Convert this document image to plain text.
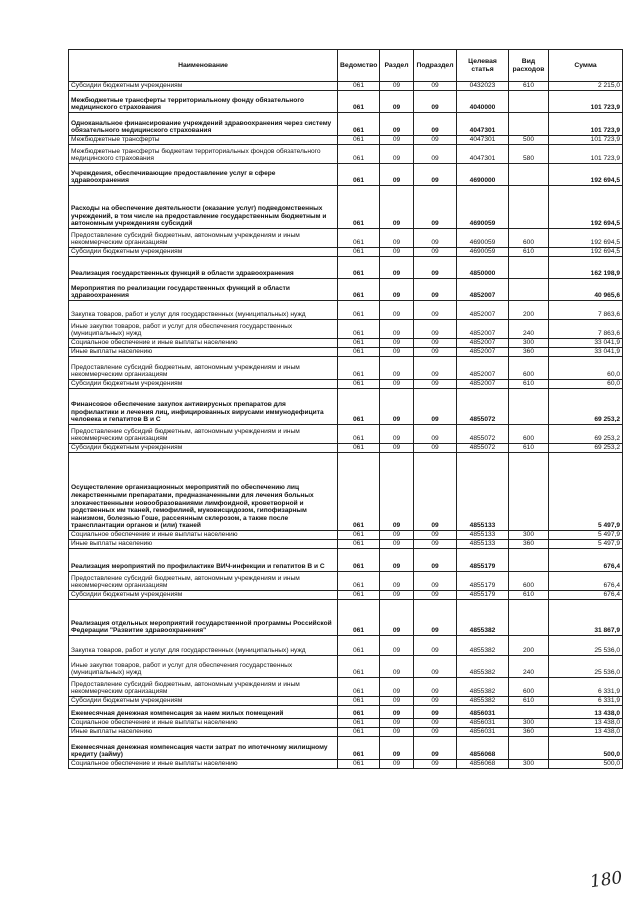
Наименование	Ведомство	Раздел	Подраздел	Целевая статья	Вид расходов	Сумма
Субсидии бюджетным учреждениям	061	09	09	0432023	610	2 215,0
Межбюджетные трансферты территориальному фонду обязательного медицинского страхования	061	09	09	4040000		101 723,9
Одноканальное финансирование учреждений здравоохранения через систему обязательного медицинского страхования	061	09	09	4047301		101 723,9
Межбюджетные трансферты	061	09	09	4047301	500	101 723,9
Межбюджетные трансферты бюджетам территориальных фондов обязательного медицинского страхования	061	09	09	4047301	580	101 723,9
Учреждения, обеспечивающие предоставление услуг в сфере здравоохранения	061	09	09	4690000		192 694,5
Расходы на обеспечение деятельности (оказание услуг) подведомственных учреждений, в том числе на предоставление государственным бюджетным и автономным учреждениям субсидий	061	09	09	4690059		192 694,5
Предоставление субсидий бюджетным, автономным учреждениям и иным некоммерческим организациям	061	09	09	4690059	600	192 694,5
Субсидии бюджетным учреждениям	061	09	09	4690059	610	192 694,5
Реализация государственных функций в области здравоохранения	061	09	09	4850000		162 198,9
Мероприятия по реализации государственных функций в области здравоохранения	061	09	09	4852007		40 965,6
Закупка товаров, работ и услуг для государственных (муниципальных) нужд	061	09	09	4852007	200	7 863,6
Иные закупки товаров, работ и услуг для обеспечения государственных (муниципальных) нужд	061	09	09	4852007	240	7 863,6
Социальное обеспечение и иные выплаты населению	061	09	09	4852007	300	33 041,9
Иные выплаты населению	061	09	09	4852007	360	33 041,9
Предоставление субсидий бюджетным, автономным учреждениям и иным некоммерческим организациям	061	09	09	4852007	600	60,0
Субсидии бюджетным учреждениям	061	09	09	4852007	610	60,0
Финансовое обеспечение закупок антивирусных препаратов для профилактики и лечения лиц, инфицированных вирусами иммунодефицита человека и гепатитов В и С	061	09	09	4855072		69 253,2
Предоставление субсидий бюджетным, автономным учреждениям и иным некоммерческим организациям	061	09	09	4855072	600	69 253,2
Субсидии бюджетным учреждениям	061	09	09	4855072	610	69 253,2
Осуществление организационных мероприятий по обеспечению лиц лекарственными препаратами, предназначенными для лечения больных злокачественными новообразованиями лимфоидной, кроветворной и родственных им тканей, гемофилией, муковисцидозом, гипофизарным нанизмом, болезнью Гоше, рассеянным склерозом, а также после трансплантации органов и (или) тканей	061	09	09	4855133		5 497,9
Социальное обеспечение и иные выплаты населению	061	09	09	4855133	300	5 497,9
Иные выплаты населению	061	09	09	4855133	360	5 497,9
Реализация мероприятий по профилактике ВИЧ-инфекции и гепатитов В и С	061	09	09	4855179		676,4
Предоставление субсидий бюджетным, автономным учреждениям и иным некоммерческим организациям	061	09	09	4855179	600	676,4
Субсидии бюджетным учреждениям	061	09	09	4855179	610	676,4
Реализация отдельных мероприятий государственной программы Российской Федерации "Развитие здравоохранения"	061	09	09	4855382		31 867,9
Закупка товаров, работ и услуг для государственных (муниципальных) нужд	061	09	09	4855382	200	25 536,0
Иные закупки товаров, работ и услуг для обеспечения государственных (муниципальных) нужд	061	09	09	4855382	240	25 536,0
Предоставление субсидий бюджетным, автономным учреждениям и иным некоммерческим организациям	061	09	09	4855382	600	6 331,9
Субсидии бюджетным учреждениям	061	09	09	4855382	610	6 331,9
Ежемесячная денежная компенсация за наем жилых помещений	061	09	09	4856031		13 438,0
Социальное обеспечение и иные выплаты населению	061	09	09	4856031	300	13 438,0
Иные выплаты населению	061	09	09	4856031	360	13 438,0
Ежемесячная денежная компенсация части затрат по ипотечному жилищному кредиту (займу)	061	09	09	4856068		500,0
Социальное обеспечение и иные выплаты населению	061	09	09	4856068	300	500,0
180
